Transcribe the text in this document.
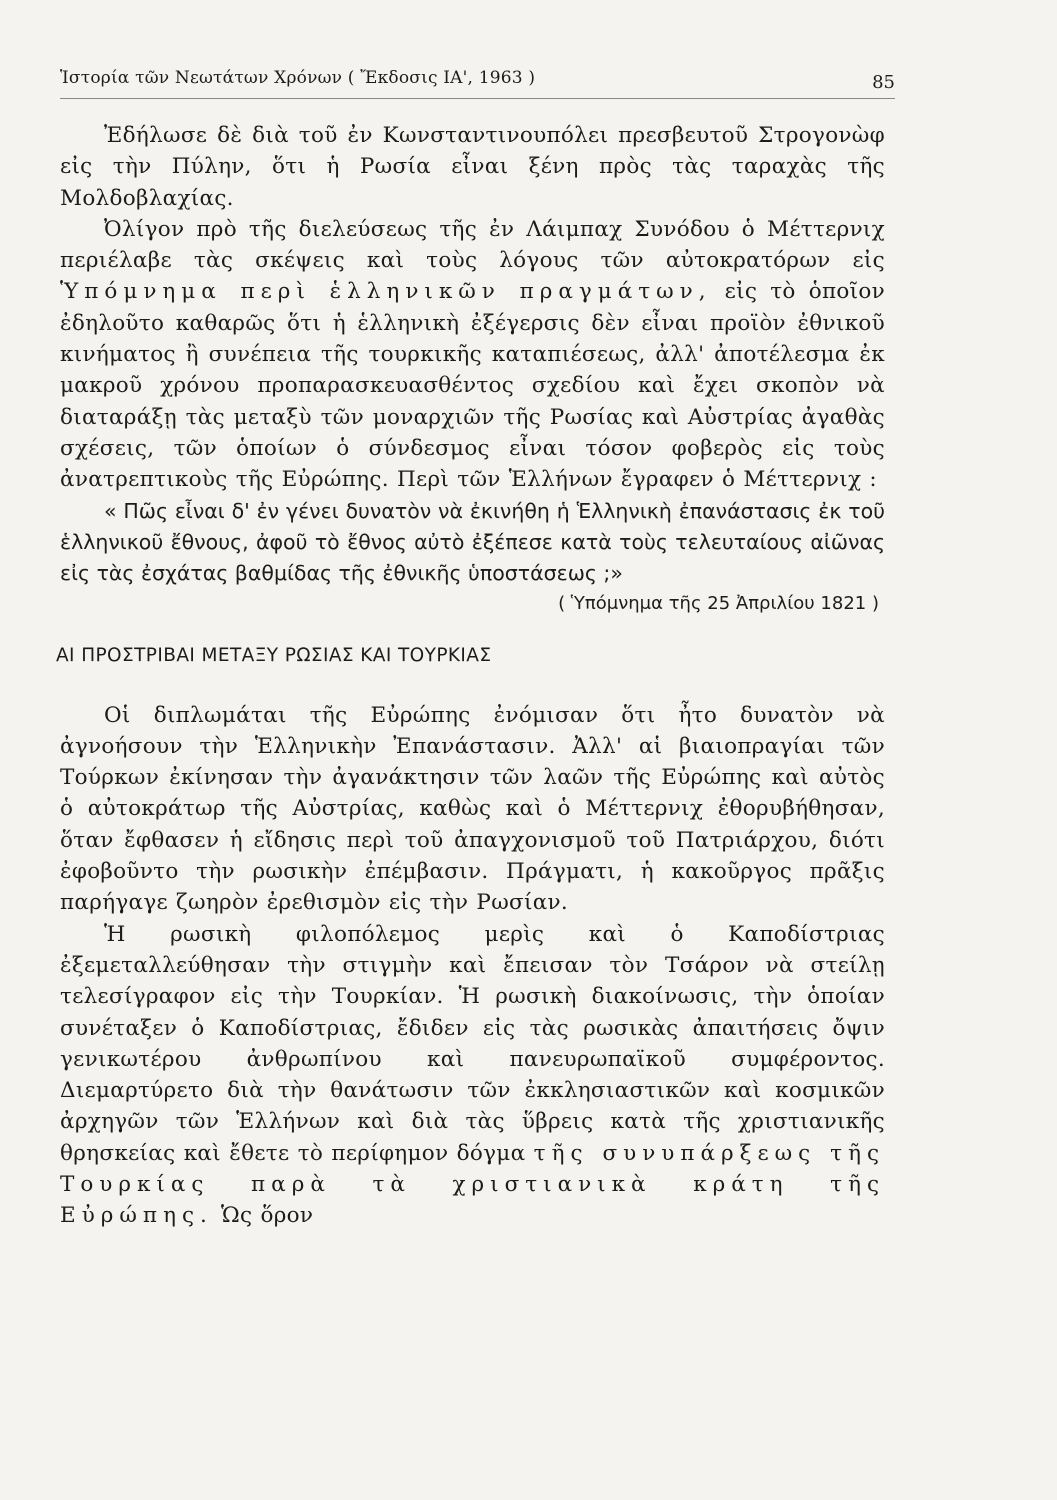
Ἱστορία τῶν Νεωτάτων Χρόνων ( Ἔκδοσις ΙΑ', 1963 )	85

Ἐδήλωσε δὲ διὰ τοῦ ἐν Κωνσταντινουπόλει πρεσβευτοῦ Στρογονὼφ εἰς τὴν Πύλην, ὅτι ἡ Ρωσία εἶναι ξένη πρὸς τὰς ταραχὰς τῆς Μολδοβλαχίας.

Ὀλίγον πρὸ τῆς διελεύσεως τῆς ἐν Λάιμπαχ Συνόδου ὁ Μέττερνιχ περιέλαβε τὰς σκέψεις καὶ τοὺς λόγους τῶν αὐτοκρατόρων εἰς Ὑπόμνημα περὶ ἑλληνικῶν πραγμάτων, εἰς τὸ ὁποῖον ἐδηλοῦτο καθαρῶς ὅτι ἡ ἑλληνικὴ ἐξέγερσις δὲν εἶναι προϊὸν ἐθνικοῦ κινήματος ἢ συνέπεια τῆς τουρκικῆς καταπιέσεως, ἀλλ' ἀποτέλεσμα ἐκ μακροῦ χρόνου προπαρασκευασθέντος σχεδίου καὶ ἔχει σκοπὸν νὰ διαταράξῃ τὰς μεταξὺ τῶν μοναρχιῶν τῆς Ρωσίας καὶ Αὐστρίας ἀγαθὰς σχέσεις, τῶν ὁποίων ὁ σύνδεσμος εἶναι τόσον φοβερὸς εἰς τοὺς ἀνατρεπτικοὺς τῆς Εὐρώπης. Περὶ τῶν Ἑλλήνων ἔγραφεν ὁ Μέττερνιχ :

« Πῶς εἶναι δ' ἐν γένει δυνατὸν νὰ ἐκινήθη ἡ Ἑλληνικὴ ἐπανάστασις ἐκ τοῦ ἑλληνικοῦ ἔθνους, ἀφοῦ τὸ ἔθνος αὐτὸ ἐξέπεσε κατὰ τοὺς τελευταίους αἰῶνας εἰς τὰς ἐσχάτας βαθμίδας τῆς ἐθνικῆς ὑποστάσεως ;»

( Ὑπόμνημα τῆς 25 Ἀπριλίου 1821 )

ΑΙ ΠΡΟΣΤΡΙΒΑΙ ΜΕΤΑΞΥ ΡΩΣΙΑΣ ΚΑΙ ΤΟΥΡΚΙΑΣ

Οἱ διπλωμάται τῆς Εὐρώπης ἐνόμισαν ὅτι ἦτο δυνατὸν νὰ ἀγνοήσουν τὴν Ἑλληνικὴν Ἐπανάστασιν. Ἀλλ' αἱ βιαιοπραγίαι τῶν Τούρκων ἐκίνησαν τὴν ἀγανάκτησιν τῶν λαῶν τῆς Εὐρώπης καὶ αὐτὸς ὁ αὐτοκράτωρ τῆς Αὐστρίας, καθὼς καὶ ὁ Μέττερνιχ ἐθορυβήθησαν, ὅταν ἔφθασεν ἡ εἴδησις περὶ τοῦ ἀπαγχονισμοῦ τοῦ Πατριάρχου, διότι ἐφοβοῦντο τὴν ρωσικὴν ἐπέμβασιν. Πράγματι, ἡ κακοῦργος πρᾶξις παρήγαγε ζωηρὸν ἐρεθισμὸν εἰς τὴν Ρωσίαν.

Ἡ ρωσικὴ φιλοπόλεμος μερὶς καὶ ὁ Καποδίστριας ἐξεμεταλλεύθησαν τὴν στιγμὴν καὶ ἔπεισαν τὸν Τσάρον νὰ στείλῃ τελεσίγραφον εἰς τὴν Τουρκίαν. Ἡ ρωσικὴ διακοίνωσις, τὴν ὁποίαν συνέταξεν ὁ Καποδίστριας, ἔδιδεν εἰς τὰς ρωσικὰς ἀπαιτήσεις ὄψιν γενικωτέρου ἀνθρωπίνου καὶ πανευρωπαϊκοῦ συμφέροντος. Διεμαρτύρετο διὰ τὴν θανάτωσιν τῶν ἐκκλησιαστικῶν καὶ κοσμικῶν ἀρχηγῶν τῶν Ἑλλήνων καὶ διὰ τὰς ὕβρεις κατὰ τῆς χριστιανικῆς θρησκείας καὶ ἔθετε τὸ περίφημον δόγμα τῆς συνυπάρξεως τῆς Τουρκίας παρὰ τὰ χριστιανικὰ κράτη τῆς Εὐρώπης. Ὡς ὅρον
